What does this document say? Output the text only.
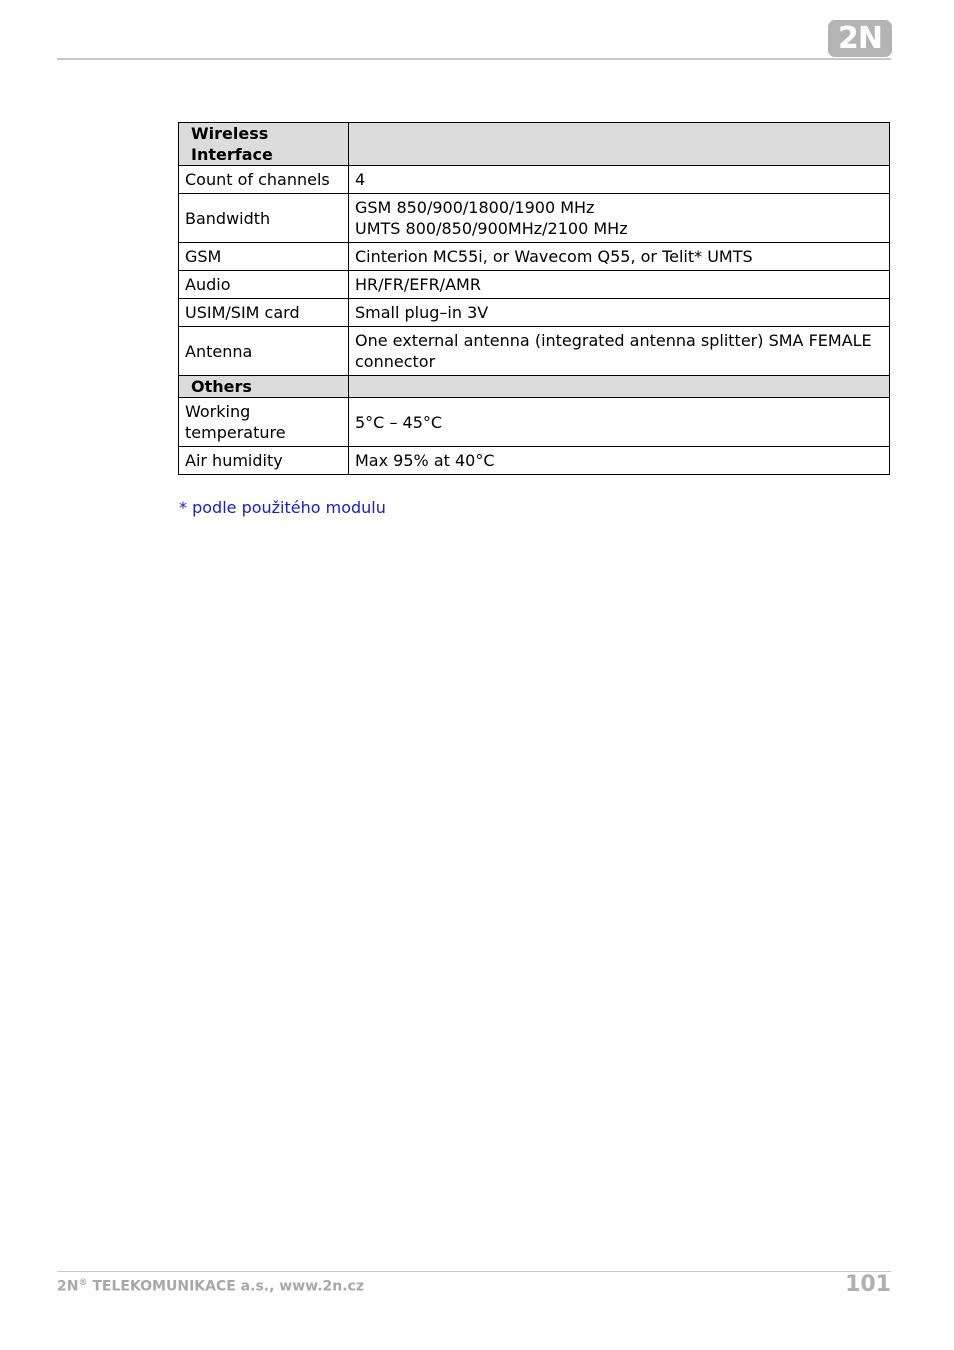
2N
Wireless Interface	
Count of channels	4
Bandwidth	GSM 850/900/1800/1900 MHz
UMTS 800/850/900MHz/2100 MHz
GSM	Cinterion MC55i, or Wavecom Q55, or Telit* UMTS
Audio	HR/FR/EFR/AMR
USIM/SIM card	Small plug–in 3V
Antenna	One external antenna (integrated antenna splitter) SMA FEMALE connector
Others	
Working temperature	5°C – 45°C
Air humidity	Max 95% at 40°C
* podle použitého modulu
2N® TELEKOMUNIKACE a.s., www.2n.cz	101
